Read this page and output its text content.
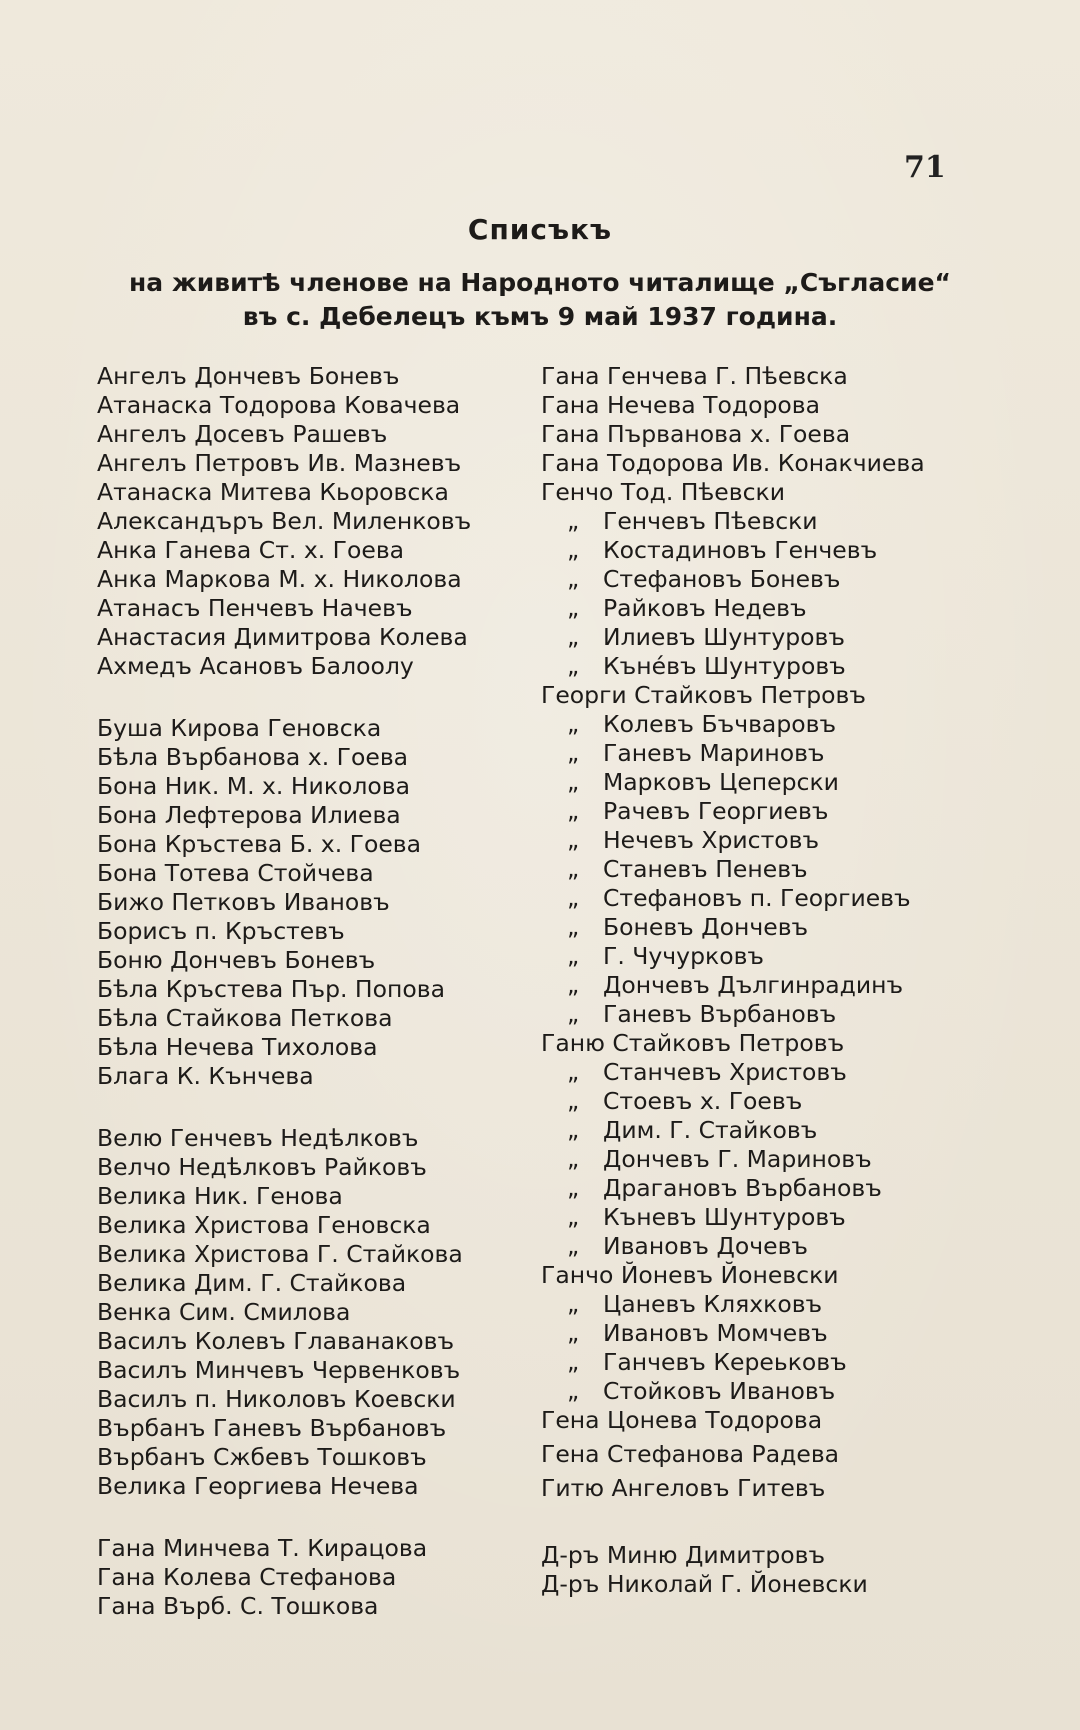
71
Списъкъ
на живитѣ членове на Народното читалище „Съгласие“
въ с. Дебелецъ къмъ 9 май 1937 година.
Ангелъ Дончевъ Боневъ
Атанаска Тодорова Ковачева
Ангелъ Досевъ Рашевъ
Ангелъ Петровъ Ив. Мазневъ
Атанаска Митева Кьоровска
Александъръ Вел. Миленковъ
Анка Ганева Ст. х. Гоева
Анка Маркова М. х. Николова
Атанасъ Пенчевъ Начевъ
Анастасия Димитрова Колева
Ахмедъ Асановъ Балоолу
Буша Кирова Геновска
Бѣла Върбанова х. Гоева
Бона Ник. М. х. Николова
Бона Лефтерова Илиева
Бона Кръстева Б. х. Гоева
Бона Тотева Стойчева
Бижо Петковъ Ивановъ
Борисъ п. Кръстевъ
Боню Дончевъ Боневъ
Бѣла Кръстева Пър. Попова
Бѣла Стайкова Петкова
Бѣла Нечева Тихолова
Блага К. Кънчева
Велю Генчевъ Недѣлковъ
Велчо Недѣлковъ Райковъ
Велика Ник. Генова
Велика Христова Геновска
Велика Христова Г. Стайкова
Велика Дим. Г. Стайкова
Венка Сим. Смилова
Василъ Колевъ Главанаковъ
Василъ Минчевъ Червенковъ
Василъ п. Николовъ Коевски
Върбанъ Ганевъ Върбановъ
Върбанъ Сжбевъ Тошковъ
Велика Георгиева Нечева
Гана Минчева Т. Кирацова
Гана Колева Стефанова
Гана Върб. С. Тошкова
Гана Генчева Г. Пѣевска
Гана Нечева Тодорова
Гана Първанова х. Гоева
Гана Тодорова Ив. Конакчиева
Генчо Тод. Пѣевски
„ Генчевъ Пѣевски
„ Костадиновъ Генчевъ
„ Стефановъ Боневъ
„ Райковъ Недевъ
„ Илиевъ Шунтуровъ
„ Кънéвъ Шунтуровъ
Георги Стайковъ Петровъ
„ Колевъ Бъчваровъ
„ Ганевъ Мариновъ
„ Марковъ Цеперски
„ Рачевъ Георгиевъ
„ Нечевъ Христовъ
„ Станевъ Пеневъ
„ Стефановъ п. Георгиевъ
„ Боневъ Дончевъ
„ Г. Чучурковъ
„ Дончевъ Дългинрадинъ
„ Ганевъ Върбановъ
Ганю Стайковъ Петровъ
„ Станчевъ Христовъ
„ Стоевъ х. Гоевъ
„ Дим. Г. Стайковъ
„ Дончевъ Г. Мариновъ
„ Драгановъ Върбановъ
„ Къневъ Шунтуровъ
„ Ивановъ Дочевъ
Ганчо Йоневъ Йоневски
„ Цаневъ Кляхковъ
„ Ивановъ Момчевъ
„ Ганчевъ Кереьковъ
„ Стойковъ Ивановъ
Гена Цонева Тодорова
Гена Стефанова Радева
Гитю Ангеловъ Гитевъ
Д-ръ Миню Димитровъ
Д-ръ Николай Г. Йоневски
